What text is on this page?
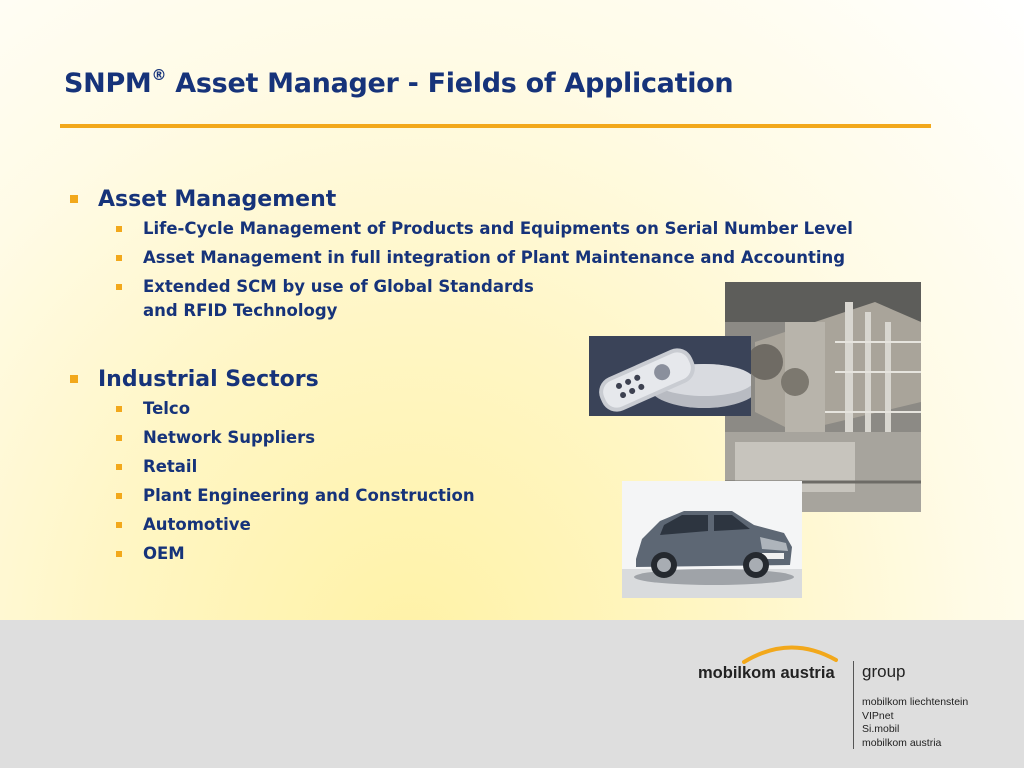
SNPM® Asset Manager - Fields of Application
Asset Management
Life-Cycle Management of Products and Equipments on Serial Number Level
Asset Management in full integration of Plant Maintenance and Accounting
Extended SCM by use of Global Standards
and RFID Technology
Industrial Sectors
Telco
Network Suppliers
Retail
Plant Engineering and Construction
Automotive
OEM
mobilkom austria group
mobilkom liechtenstein
VIPnet
Si.mobil
mobilkom austria
